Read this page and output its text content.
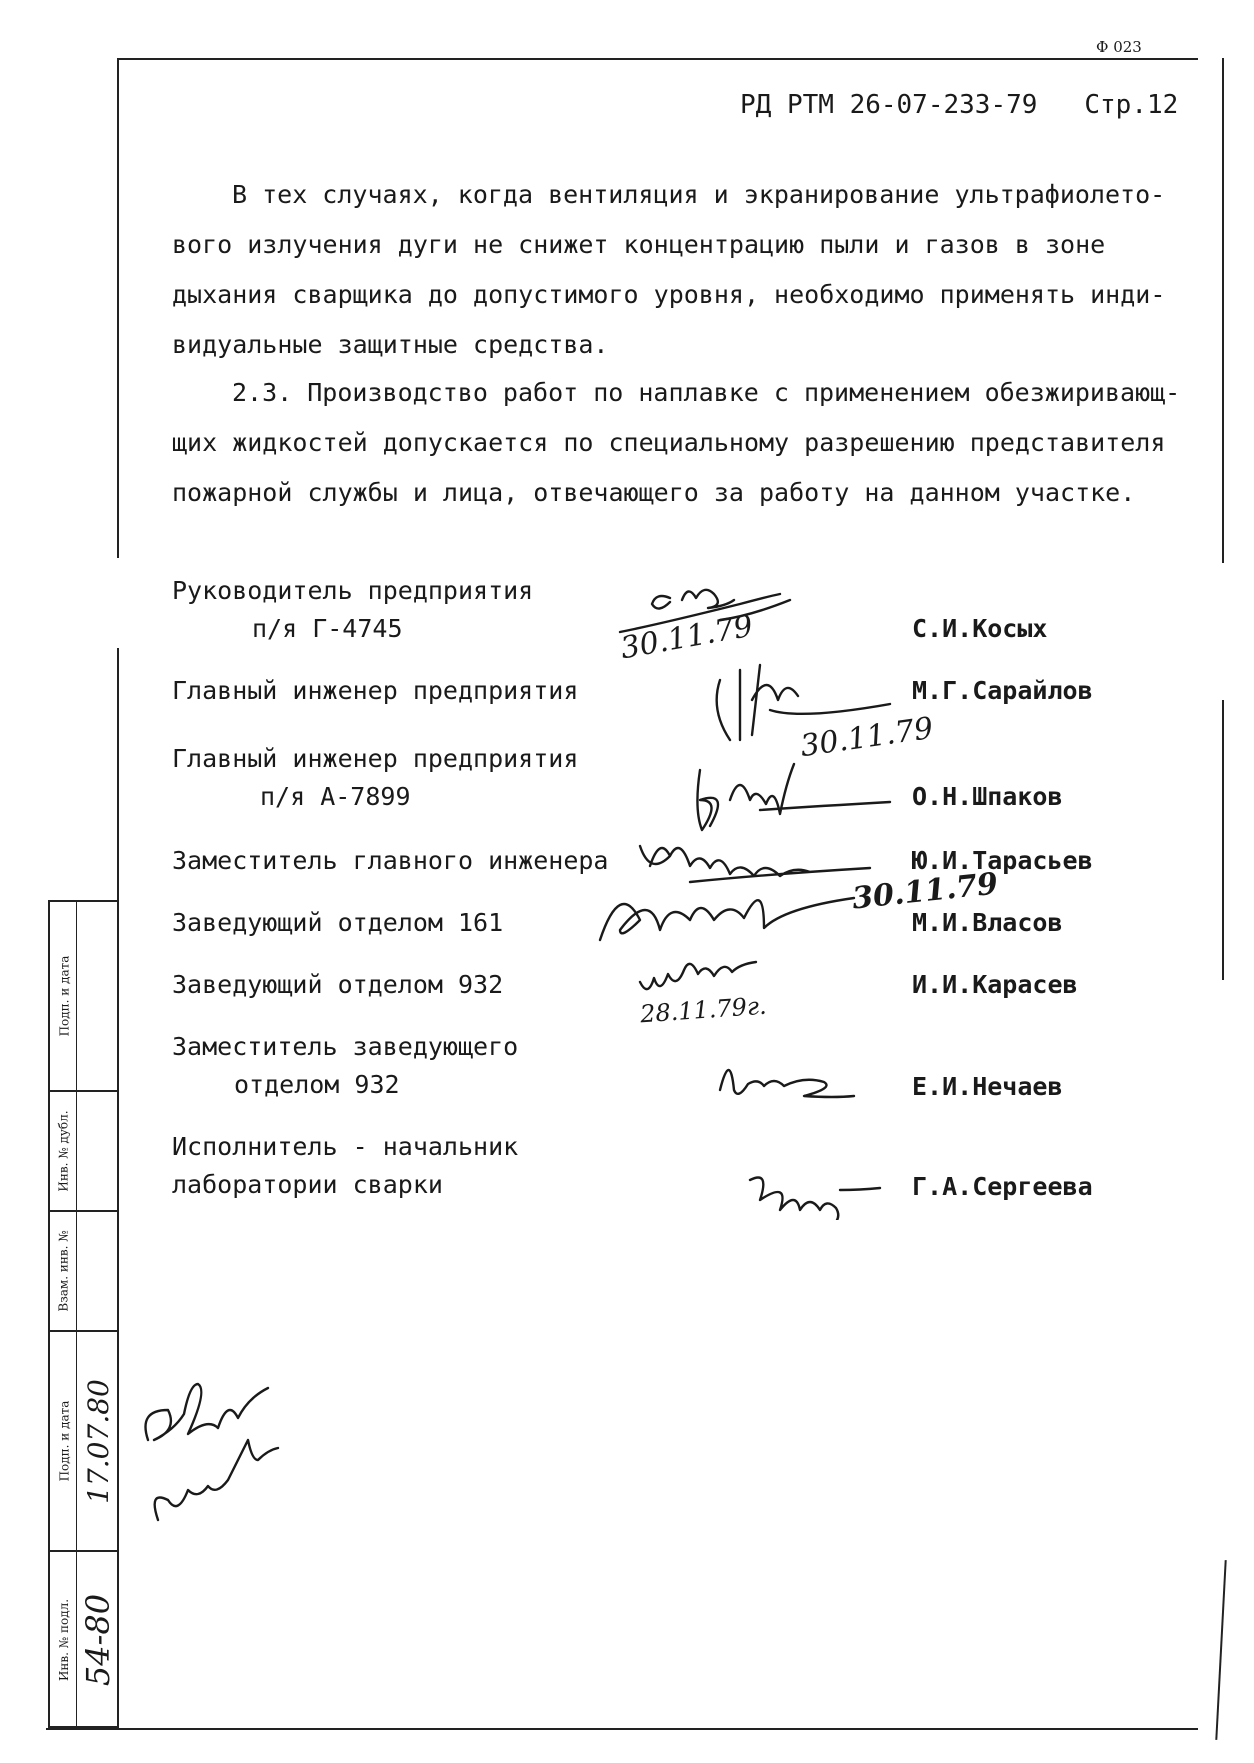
Ф 023
РД РТМ 26-07-233-79   Стр.12
В тех случаях, когда вентиляция и экранирование ультрафиолето-
вого излучения дуги не снижет концентрацию пыли и газов в зоне
дыхания сварщика до допустимого уровня, необходимо применять инди-
видуальные защитные средства.
2.3. Производство работ по наплавке с применением обезжиривающ-
щих жидкостей допускается по специальному разрешению представителя
пожарной службы и лица, отвечающего за работу на данном участке.
Руководитель предприятия
п/я Г-4745	С.И.Косых
Главный инженер предприятия	М.Г.Сарайлов
Главный инженер предприятия
п/я А-7899	О.Н.Шпаков
Заместитель главного инженера	Ю.И.Тарасьев
Заведующий отделом 161	М.И.Власов
Заведующий отделом 932	И.И.Карасев
Заместитель заведующего
отделом 932	Е.И.Нечаев
Исполнитель - начальник
лаборатории сварки	Г.А.Сергеева
30.11.79
30.11.79
30.11.79
28.11.79г.
Подп. и дата
Инв. № дубл.
Взам. инв. №
Подп. и дата 17.07.80
Инв. № подл. 54-80
